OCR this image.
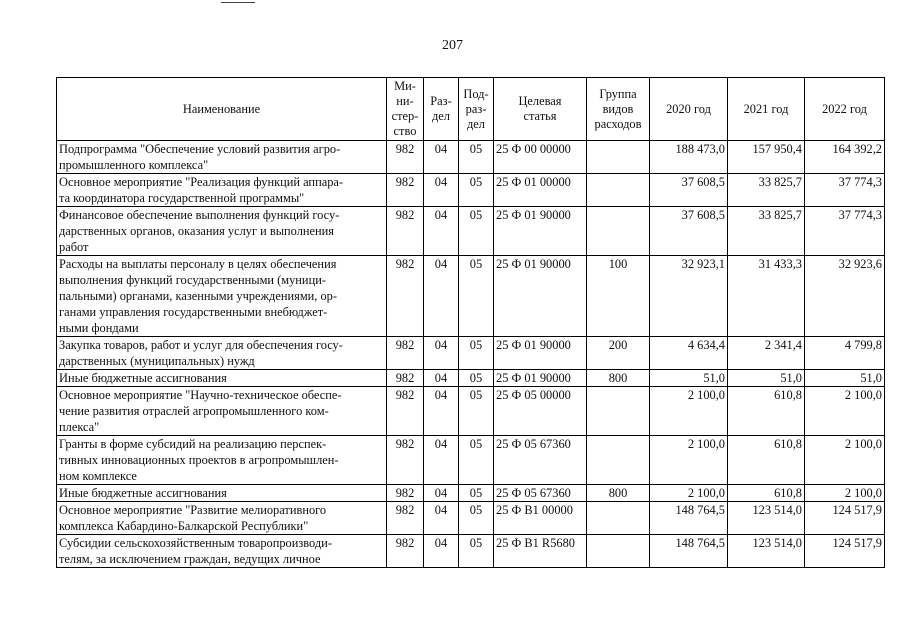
207
Наименование	Ми-
ни-
стер-
ство	Раз-
дел	Под-
раз-
дел	Целевая
статья	Группа
видов
расходов	2020 год	2021 год	2022 год
Подпрограмма "Обеспечение условий развития агро-
промышленного комплекса"	982	04	05	25 Ф 00 00000		188 473,0	157 950,4	164 392,2
Основное мероприятие "Реализация функций аппара-
та координатора государственной программы"	982	04	05	25 Ф 01 00000		37 608,5	33 825,7	37 774,3
Финансовое обеспечение выполнения функций госу-
дарственных органов, оказания услуг и выполнения
работ	982	04	05	25 Ф 01 90000		37 608,5	33 825,7	37 774,3
Расходы на выплаты персоналу в целях обеспечения
выполнения функций государственными (муници-
пальными) органами, казенными учреждениями, ор-
ганами управления государственными внебюджет-
ными фондами	982	04	05	25 Ф 01 90000	100	32 923,1	31 433,3	32 923,6
Закупка товаров, работ и услуг для обеспечения госу-
дарственных (муниципальных) нужд	982	04	05	25 Ф 01 90000	200	4 634,4	2 341,4	4 799,8
Иные бюджетные ассигнования	982	04	05	25 Ф 01 90000	800	51,0	51,0	51,0
Основное мероприятие "Научно-техническое обеспе-
чение развития отраслей агропромышленного ком-
плекса"	982	04	05	25 Ф 05 00000		2 100,0	610,8	2 100,0
Гранты в форме субсидий на реализацию перспек-
тивных инновационных проектов в агропромышлен-
ном комплексе	982	04	05	25 Ф 05 67360		2 100,0	610,8	2 100,0
Иные бюджетные ассигнования	982	04	05	25 Ф 05 67360	800	2 100,0	610,8	2 100,0
Основное мероприятие "Развитие мелиоративного
комплекса Кабардино-Балкарской Республики"	982	04	05	25 Ф В1 00000		148 764,5	123 514,0	124 517,9
Субсидии сельскохозяйственным товаропроизводи-
телям, за исключением граждан, ведущих личное	982	04	05	25 Ф В1 R5680		148 764,5	123 514,0	124 517,9
